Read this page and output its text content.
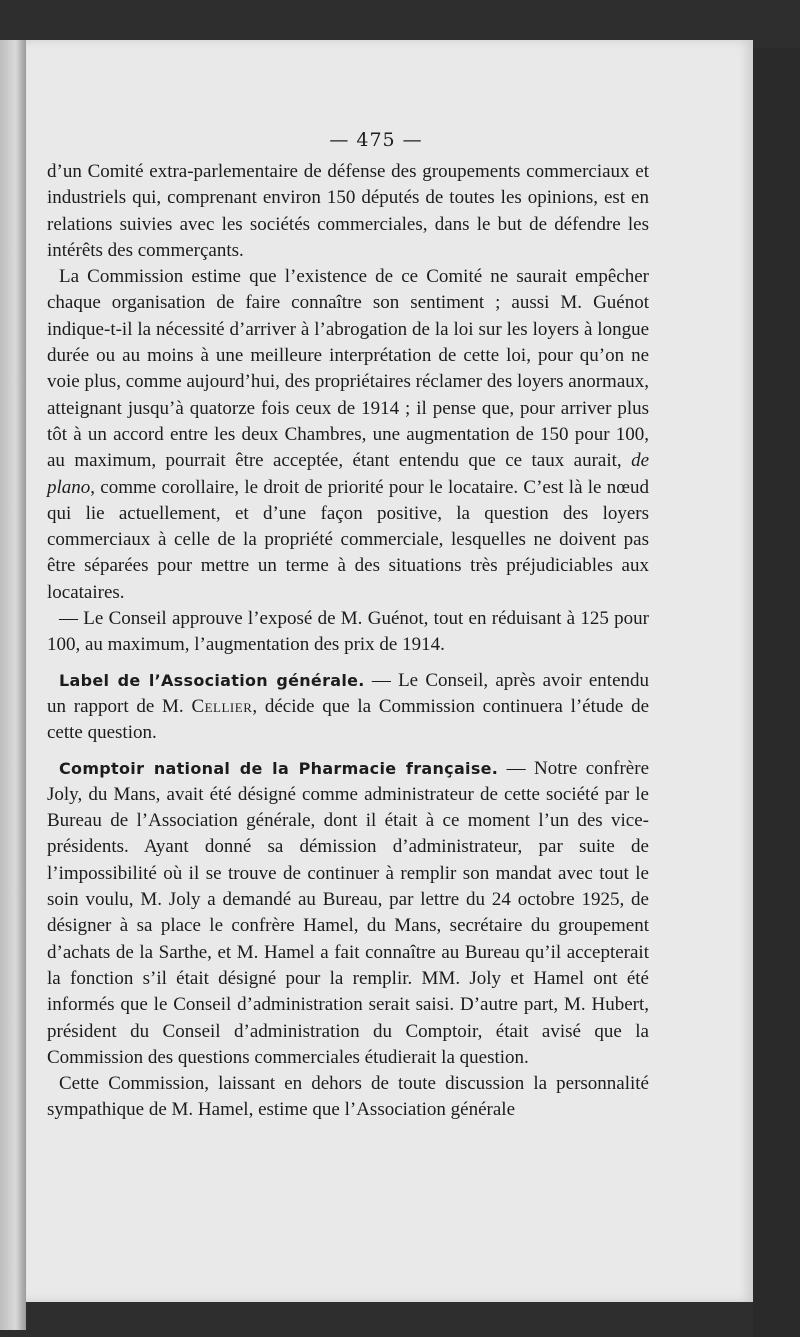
— 475 —

d’un Comité extra-parlementaire de défense des groupements commerciaux et industriels qui, comprenant environ 150 députés de toutes les opinions, est en relations suivies avec les sociétés commerciales, dans le but de défendre les intérêts des commerçants.

La Commission estime que l’existence de ce Comité ne saurait empêcher chaque organisation de faire connaître son sentiment ; aussi M. Guénot indique-t-il la nécessité d’arriver à l’abrogation de la loi sur les loyers à longue durée ou au moins à une meilleure interprétation de cette loi, pour qu’on ne voie plus, comme aujourd’hui, des propriétaires réclamer des loyers anormaux, atteignant jusqu’à quatorze fois ceux de 1914 ; il pense que, pour arriver plus tôt à un accord entre les deux Chambres, une augmentation de 150 pour 100, au maximum, pourrait être acceptée, étant entendu que ce taux aurait, de plano, comme corollaire, le droit de priorité pour le locataire. C’est là le nœud qui lie actuellement, et d’une façon positive, la question des loyers commerciaux à celle de la propriété commerciale, lesquelles ne doivent pas être séparées pour mettre un terme à des situations très préjudiciables aux locataires.

— Le Conseil approuve l’exposé de M. Guénot, tout en réduisant à 125 pour 100, au maximum, l’augmentation des prix de 1914.

Label de l’Association générale. — Le Conseil, après avoir entendu un rapport de M. Cellier, décide que la Commission continuera l’étude de cette question.

Comptoir national de la Pharmacie française. — Notre confrère Joly, du Mans, avait été désigné comme administrateur de cette société par le Bureau de l’Association générale, dont il était à ce moment l’un des vice-présidents. Ayant donné sa démission d’administrateur, par suite de l’impossibilité où il se trouve de continuer à remplir son mandat avec tout le soin voulu, M. Joly a demandé au Bureau, par lettre du 24 octobre 1925, de désigner à sa place le confrère Hamel, du Mans, secrétaire du groupement d’achats de la Sarthe, et M. Hamel a fait connaître au Bureau qu’il accepterait la fonction s’il était désigné pour la remplir. MM. Joly et Hamel ont été informés que le Conseil d’administration serait saisi. D’autre part, M. Hubert, président du Conseil d’administration du Comptoir, était avisé que la Commission des questions commerciales étudierait la question.

Cette Commission, laissant en dehors de toute discussion la personnalité sympathique de M. Hamel, estime que l’Association générale
